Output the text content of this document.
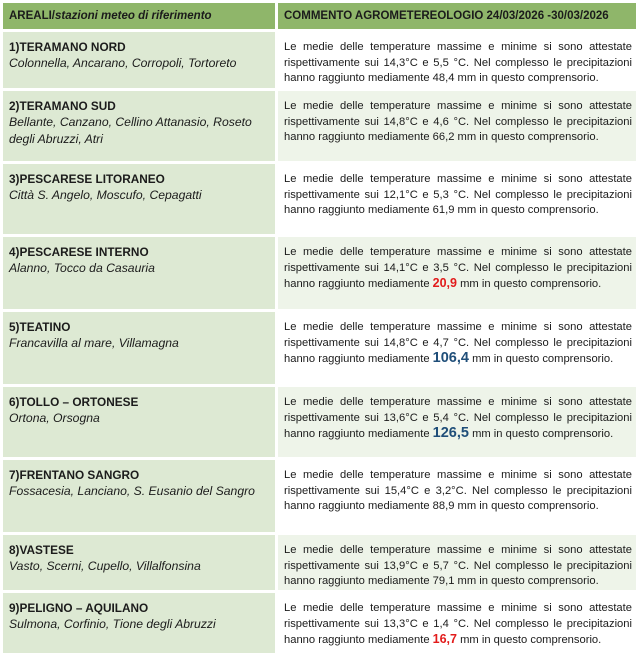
AREALI/stazioni meteo di riferimento	COMMENTO AGROMETEREOLOGIO 24/03/2026 -30/03/2026

1)TERAMANO NORD
Colonnella, Ancarano, Corropoli, Tortoreto	Le medie delle temperature massime e minime si sono attestate rispettivamente sui 14,3°C e 5,5 °C. Nel complesso le precipitazioni hanno raggiunto mediamente 48,4 mm in questo comprensorio.

2)TERAMANO SUD
Bellante, Canzano, Cellino Attanasio, Roseto degli Abruzzi, Atri	Le medie delle temperature massime e minime si sono attestate rispettivamente sui 14,8°C e 4,6 °C. Nel complesso le precipitazioni hanno raggiunto mediamente 66,2 mm in questo comprensorio.

3)PESCARESE LITORANEO
Città S. Angelo, Moscufo, Cepagatti	Le medie delle temperature massime e minime si sono attestate rispettivamente sui 12,1°C e 5,3 °C. Nel complesso le precipitazioni hanno raggiunto mediamente 61,9 mm in questo comprensorio.

4)PESCARESE INTERNO
Alanno, Tocco da Casauria	Le medie delle temperature massime e minime si sono attestate rispettivamente sui 14,1°C e 3,5 °C. Nel complesso le precipitazioni hanno raggiunto mediamente 20,9 mm in questo comprensorio.

5)TEATINO
Francavilla al mare, Villamagna	Le medie delle temperature massime e minime si sono attestate rispettivamente sui 14,8°C e 4,7 °C. Nel complesso le precipitazioni hanno raggiunto mediamente 106,4 mm in questo comprensorio.

6)TOLLO – ORTONESE
Ortona, Orsogna	Le medie delle temperature massime e minime si sono attestate rispettivamente sui 13,6°C e 5,4 °C. Nel complesso le precipitazioni hanno raggiunto mediamente 126,5 mm in questo comprensorio.

7)FRENTANO SANGRO
Fossacesia, Lanciano, S. Eusanio del Sangro	Le medie delle temperature massime e minime si sono attestate rispettivamente sui 15,4°C e 3,2°C. Nel complesso le precipitazioni hanno raggiunto mediamente 88,9 mm in questo comprensorio.

8)VASTESE
Vasto, Scerni, Cupello, Villalfonsina	Le medie delle temperature massime e minime si sono attestate rispettivamente sui 13,9°C e 5,7 °C. Nel complesso le precipitazioni hanno raggiunto mediamente 79,1 mm in questo comprensorio.

9)PELIGNO – AQUILANO
Sulmona, Corfinio, Tione degli Abruzzi	Le medie delle temperature massime e minime si sono attestate rispettivamente sui 13,3°C e 1,4 °C. Nel complesso le precipitazioni hanno raggiunto mediamente 16,7 mm in questo comprensorio.
